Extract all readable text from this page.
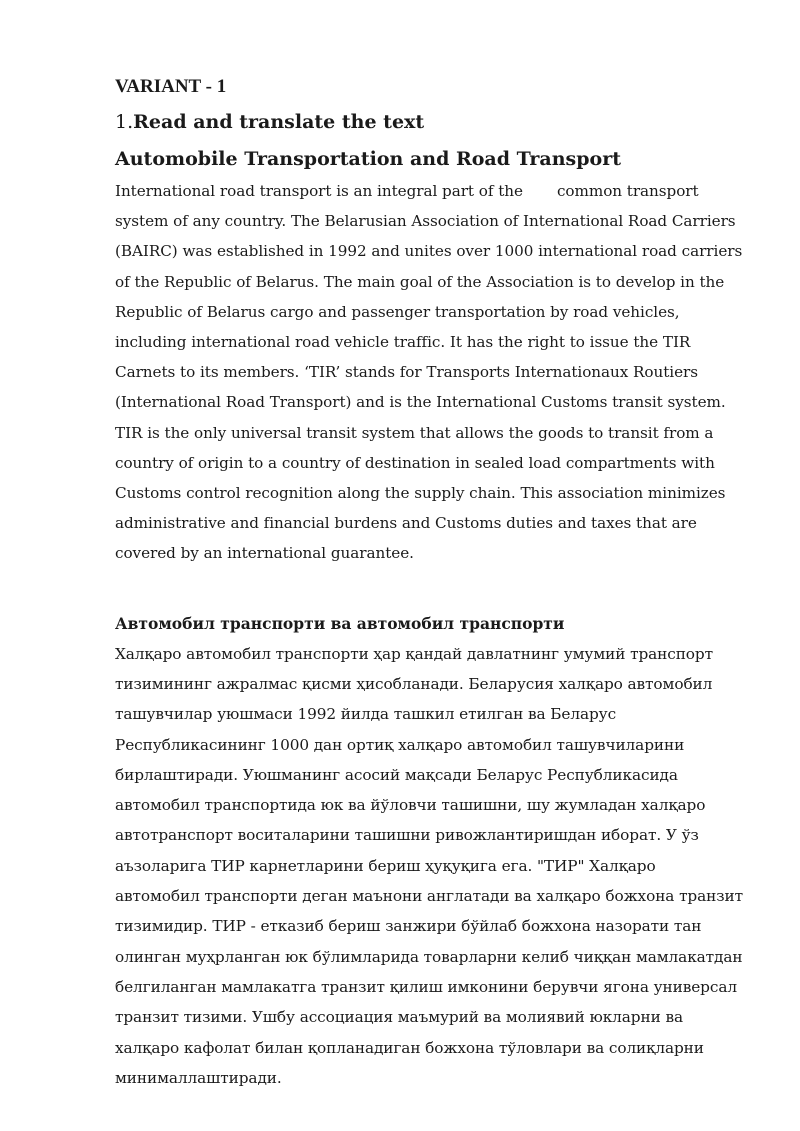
VARIANT - 1
1.Read and translate the text
Automobile Transportation and Road Transport

International road transport is an integral part of the common transport system of any country. The Belarusian Association of International Road Carriers (BAIRC) was established in 1992 and unites over 1000 international road carriers of the Republic of Belarus. The main goal of the Association is to develop in the Republic of Belarus cargo and passenger transportation by road vehicles, including international road vehicle traffic. It has the right to issue the TIR Carnets to its members. ‘TIR’ stands for Transports Internationaux Routiers (International Road Transport) and is the International Customs transit system. TIR is the only universal transit system that allows the goods to transit from a country of origin to a country of destination in sealed load compartments with Customs control recognition along the supply chain. This association minimizes administrative and financial burdens and Customs duties and taxes that are covered by an international guarantee.

Автомобил транспорти ва автомобил транспорти

Халқаро автомобил транспорти ҳар қандай давлатнинг умумий транспорт тизимининг ажралмас қисми ҳисобланади. Беларусия халқаро автомобил ташувчилар уюшмаси 1992 йилда ташкил етилган ва Беларус Республикасининг 1000 дан ортиқ халқаро автомобил ташувчиларини бирлаштиради. Уюшманинг асосий мақсади Беларус Республикасида автомобил транспортида юк ва йўловчи ташишни, шу жумладан халқаро автотранспорт воситаларини ташишни ривожлантиришдан иборат. У ўз аъзоларига ТИР карнетларини бериш ҳуқуқига ега. "ТИР" Халқаро автомобил транспорти деган маънони англатади ва халқаро божхона транзит тизимидир. ТИР - етказиб бериш занжири бўйлаб божхона назорати тан олинган муҳрланган юк бўлимларида товарларни келиб чиққан мамлакатдан белгиланган мамлакатга транзит қилиш имконини берувчи ягона универсал транзит тизими. Ушбу ассоциация маъмурий ва молиявий юкларни ва халқаро кафолат билан қопланадиган божхона тўловлари ва солиқларни минималлаштиради.
